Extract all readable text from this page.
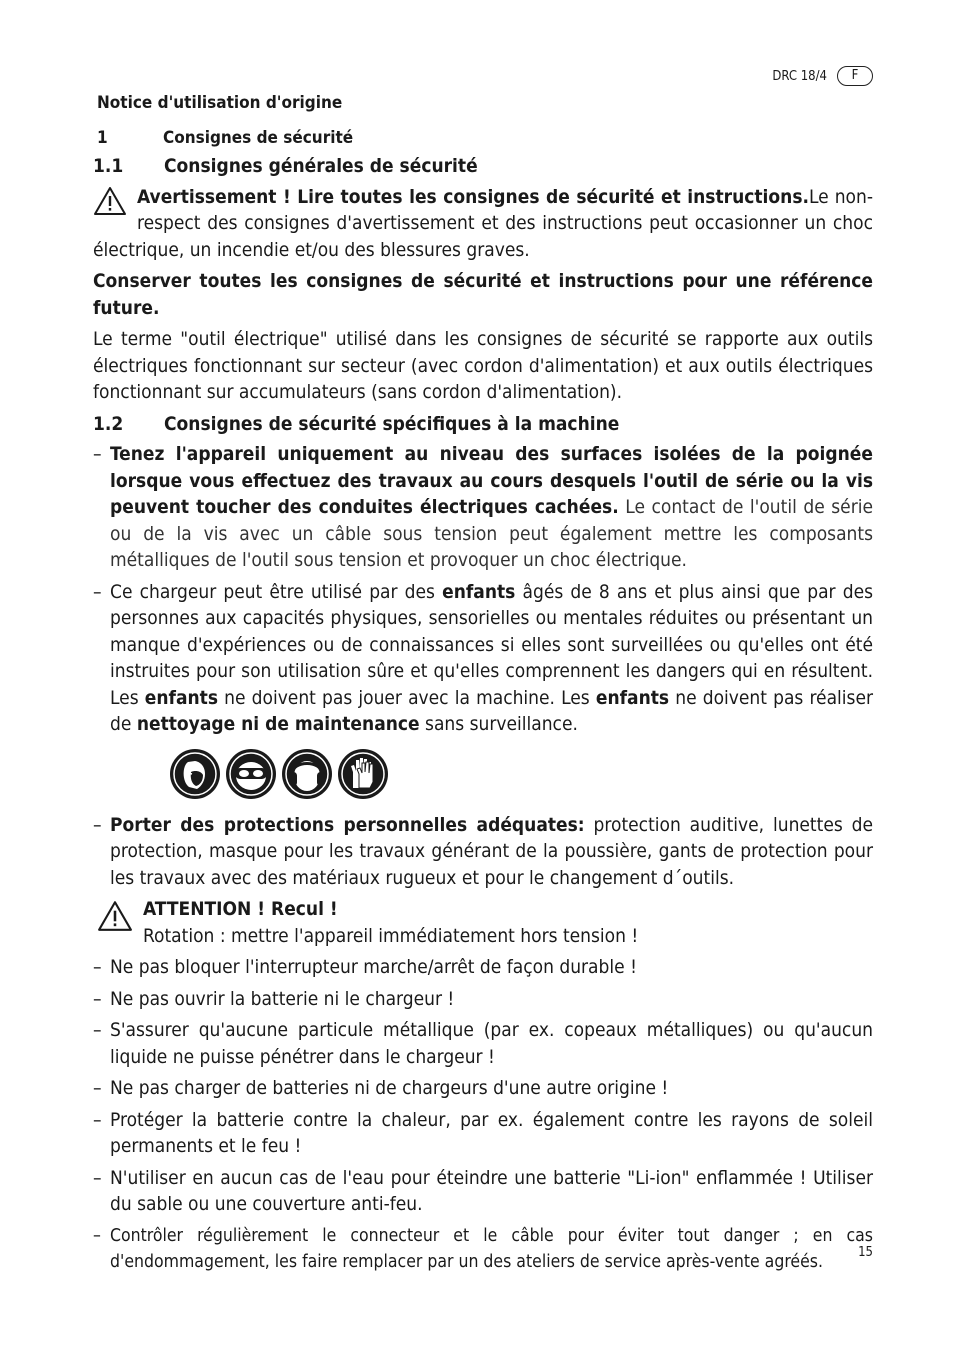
DRC 18/4	F
Notice d'utilisation d'origine
1	Consignes de sécurité
1.1	Consignes générales de sécurité
Avertissement ! Lire toutes les consignes de sécurité et instructions.Le non-respect des consignes d'avertissement et des instructions peut occasionner un choc électrique, un incendie et/ou des blessures graves.
Conserver toutes les consignes de sécurité et instructions pour une référence future.
Le terme "outil électrique" utilisé dans les consignes de sécurité se rapporte aux outils électriques fonctionnant sur secteur (avec cordon d'alimentation) et aux outils électriques fonctionnant sur accumulateurs (sans cordon d'alimentation).
1.2	Consignes de sécurité spécifiques à la machine
– Tenez l'appareil uniquement au niveau des surfaces isolées de la poignée lorsque vous effectuez des travaux au cours desquels l'outil de série ou la vis peuvent toucher des conduites électriques cachées. Le contact de l'outil de série ou de la vis avec un câble sous tension peut également mettre les composants métalliques de l'outil sous tension et provoquer un choc électrique.
– Ce chargeur peut être utilisé par des enfants âgés de 8 ans et plus ainsi que par des personnes aux capacités physiques, sensorielles ou mentales réduites ou présentant un manque d'expériences ou de connaissances si elles sont surveillées ou qu'elles ont été instruites pour son utilisation sûre et qu'elles comprennent les dangers qui en résultent. Les enfants ne doivent pas jouer avec la machine. Les enfants ne doivent pas réaliser de nettoyage ni de maintenance sans surveillance.
– Porter des protections personnelles adéquates: protection auditive, lunettes de protection, masque pour les travaux générant de la poussière, gants de protection pour les travaux avec des matériaux rugueux et pour le changement d´outils.
ATTENTION ! Recul !
Rotation : mettre l'appareil immédiatement hors tension !
– Ne pas bloquer l'interrupteur marche/arrêt de façon durable !
– Ne pas ouvrir la batterie ni le chargeur !
– S'assurer qu'aucune particule métallique (par ex. copeaux métalliques) ou qu'aucun liquide ne puisse pénétrer dans le chargeur !
– Ne pas charger de batteries ni de chargeurs d'une autre origine !
– Protéger la batterie contre la chaleur, par ex. également contre les rayons de soleil permanents et le feu !
– N'utiliser en aucun cas de l'eau pour éteindre une batterie "Li-ion" enflammée ! Utiliser du sable ou une couverture anti-feu.
– Contrôler régulièrement le connecteur et le câble pour éviter tout danger ; en cas d'endommagement, les faire remplacer par un des ateliers de service après-vente agréés.	15
